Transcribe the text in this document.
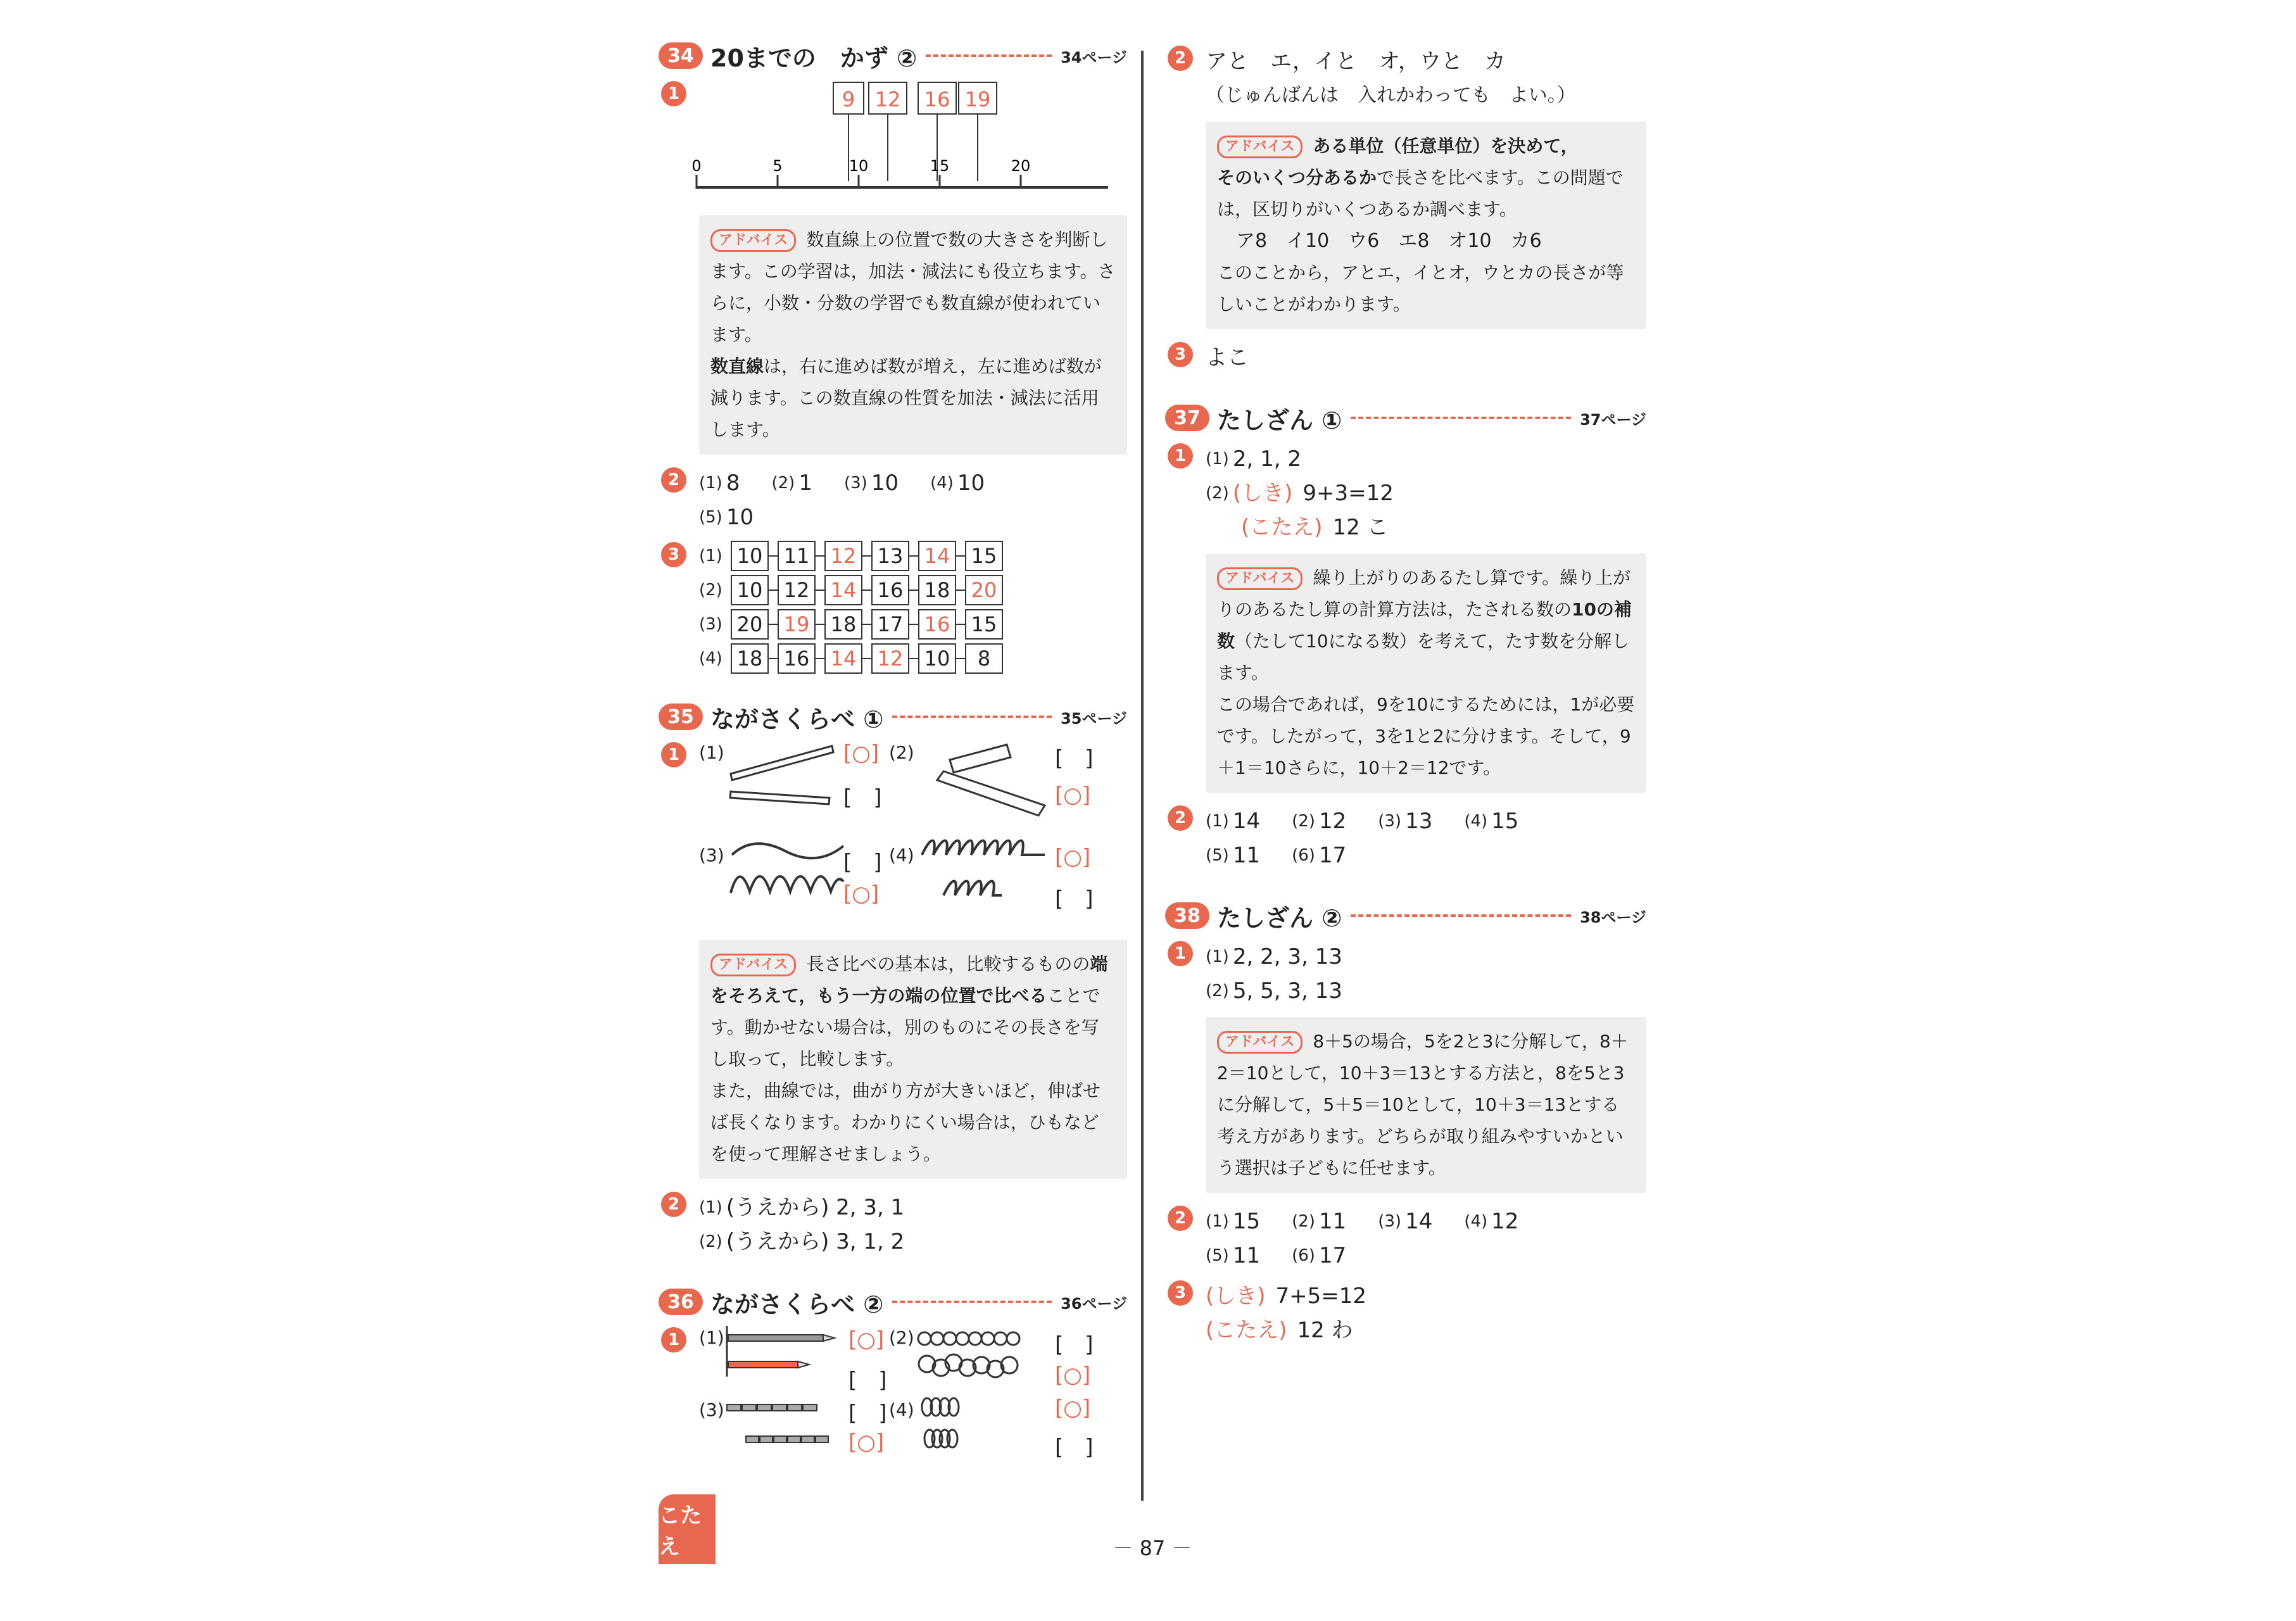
34 20までの　かず ②	34ページ
1	9 12 16 19
0	5	10	15	20

アドバイス 数直線上の位置で数の大きさを判断します。この学習は，加法・減法にも役立ちます。さらに，小数・分数の学習でも数直線が使われています。

数直線は，右に進めば数が増え，左に進めば数が減ります。この数直線の性質を加法・減法に活用します。

2	(1) 8 (2) 1 (3) 10 (4) 10
(5) 10
3	(1) 10	11	12	13	14	15
(2) 10	12	14	16	18	20
(3) 20	19	18	17	16	15
(4) 18	16	14	12	10	8
35 ながさくらべ ①	35ページ
1	(1)	[○]
[　]
(2)	[　]
[○]
(3)	[　]
[○]
(4)	[○]
[　]

アドバイス 長さ比べの基本は，比較するものの端をそろえて，もう一方の端の位置で比べることです。動かせない場合は，別のものにその長さを写し取って，比較します。

また，曲線では，曲がり方が大きいほど，伸ばせば長くなります。わかりにくい場合は，ひもなどを使って理解させましょう。

2	(1) (うえから) 2, 3, 1
(2) (うえから) 3, 1, 2
36 ながさくらべ ②	36ページ
1	(1)	[○]
[　]
(2)	[　]
[○]
(3)	[　]
[○]
(4)	[○]
[　]
2 アと　エ，イと　オ，ウと　カ
（じゅんばんは　入れかわっても　よい。）

アドバイス ある単位（任意単位）を決めて，

そのいくつ分あるかで長さを比べます。この問題では，区切りがいくつあるか調べます。

ア8　イ10　ウ6　エ8　オ10　カ6

このことから，アとエ，イとオ，ウとカの長さが等しいことがわかります。

3 よこ
37 たしざん ①	37ページ
1	(1) 2, 1, 2
(2) (しき) 9+3=12
(こたえ) 12 こ

アドバイス 繰り上がりのあるたし算です。繰り上がりのあるたし算の計算方法は，たされる数の10の補数（たして10になる数）を考えて，たす数を分解します。

この場合であれば，9を10にするためには，1が必要です。したがって，3を1と2に分けます。そして，9＋1＝10さらに，10＋2＝12です。

2	(1) 14 (2) 12 (3) 13 (4) 15
(5) 11 (6) 17
38 たしざん ②	38ページ
1	(1) 2, 2, 3, 13
(2) 5, 5, 3, 13

アドバイス 8＋5の場合，5を2と3に分解して，8＋2＝10として，10＋3＝13とする方法と，8を5と3に分解して，5＋5＝10として，10＋3＝13とする考え方があります。どちらが取り組みやすいかという選択は子どもに任せます。

2	(1) 15 (2) 11 (3) 14 (4) 12
(5) 11 (6) 17
3 (しき) 7+5=12
(こたえ) 12 わ
こたえ	－ 87 －
